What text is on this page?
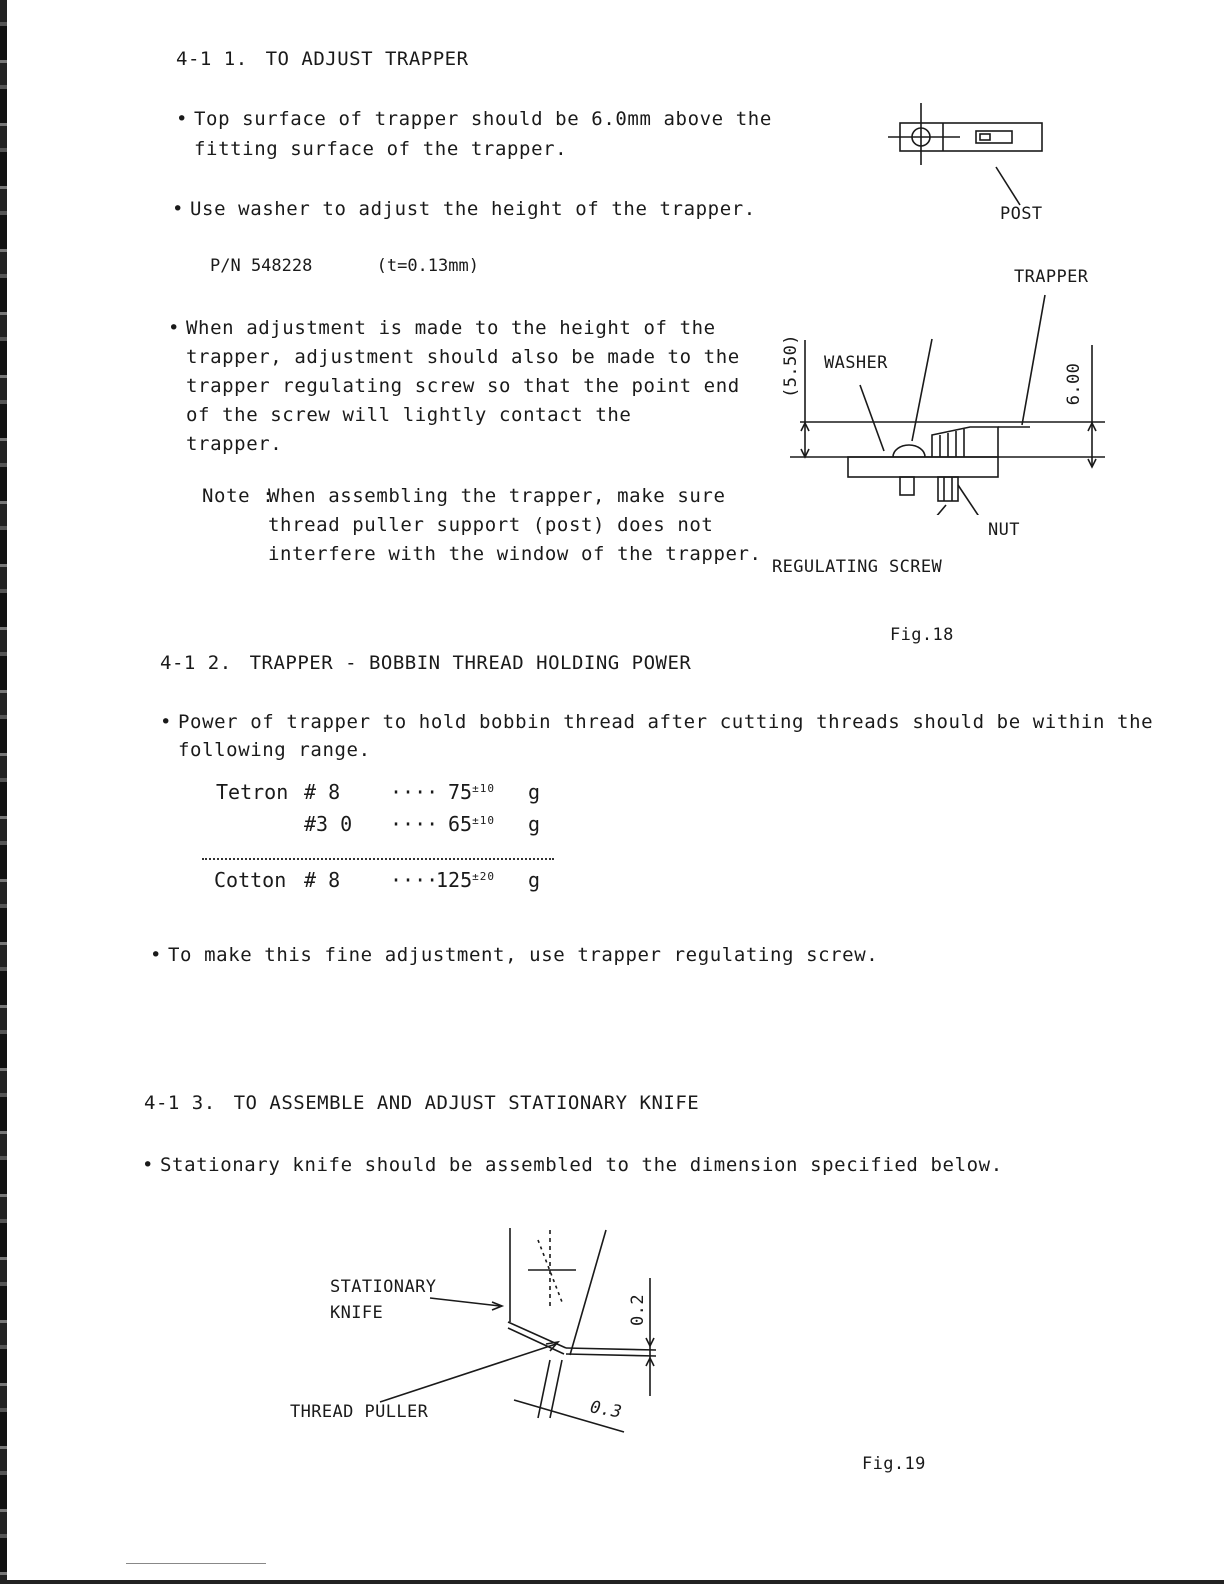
4-1 1. TO ADJUST TRAPPER
• Top surface of trapper should be 6.0mm above the
fitting surface of the trapper.
• Use washer to adjust the height of the trapper.
P/N 548228	(t=0.13mm)
• When adjustment is made to the height of the
trapper, adjustment should also be made to the
trapper regulating screw so that the point end
of the screw will lightly contact the
trapper.
Note :
When assembling the trapper, make sure
thread puller support (post) does not
interfere with the window of the trapper.
POST
TRAPPER
WASHER
(5.50)	6.00
NUT
REGULATING SCREW
Fig.18
4-1 2. TRAPPER - BOBBIN THREAD HOLDING POWER
• Power of trapper to hold bobbin thread after cutting threads should be within the
following range.
Tetron # 8 ···· $75^{\pm 10}$ g
#3 0 ···· $65^{\pm 10}$ g
Cotton # 8 ····
$125^{\pm 20}$ g
• To make this fine adjustment, use trapper regulating screw.
4-1 3. TO ASSEMBLE AND ADJUST STATIONARY KNIFE
• Stationary knife should be assembled to the dimension specified below.
STATIONARY
KNIFE
THREAD PULLER
0.2
0.3
Fig.19
